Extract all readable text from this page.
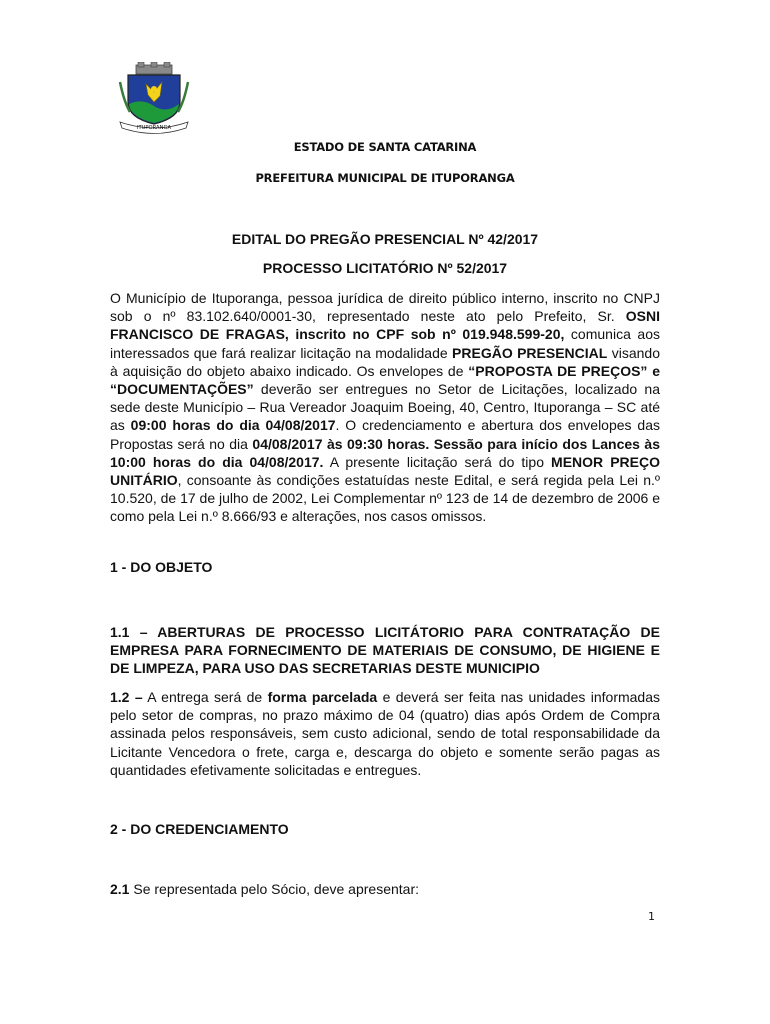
ITUPORANGA
ESTADO DE SANTA CATARINA
PREFEITURA MUNICIPAL DE ITUPORANGA
EDITAL DO PREGÃO PRESENCIAL Nº 42/2017
PROCESSO LICITATÓRIO Nº 52/2017

O Município de Ituporanga, pessoa jurídica de direito público interno, inscrito no CNPJ sob o nº 83.102.640/0001-30, representado neste ato pelo Prefeito, Sr. OSNI FRANCISCO DE FRAGAS, inscrito no CPF sob nº 019.948.599-20, comunica aos interessados que fará realizar licitação na modalidade PREGÃO PRESENCIAL visando à aquisição do objeto abaixo indicado. Os envelopes de “PROPOSTA DE PREÇOS” e “DOCUMENTAÇÕES” deverão ser entregues no Setor de Licitações, localizado na sede deste Município – Rua Vereador Joaquim Boeing, 40, Centro, Ituporanga – SC até as 09:00 horas do dia 04/08/2017. O credenciamento e abertura dos envelopes das Propostas será no dia 04/08/2017 às 09:30 horas. Sessão para início dos Lances às 10:00 horas do dia 04/08/2017. A presente licitação será do tipo MENOR PREÇO UNITÁRIO, consoante às condições estatuídas neste Edital, e será regida pela Lei n.º 10.520, de 17 de julho de 2002, Lei Complementar nº 123 de 14 de dezembro de 2006 e como pela Lei n.º 8.666/93 e alterações, nos casos omissos.

1 - DO OBJETO

1.1 – ABERTURAS DE PROCESSO LICITÁTORIO PARA CONTRATAÇÃO DE EMPRESA PARA FORNECIMENTO DE MATERIAIS DE CONSUMO, DE HIGIENE E DE LIMPEZA, PARA USO DAS SECRETARIAS DESTE MUNICIPIO

1.2 – A entrega será de forma parcelada e deverá ser feita nas unidades informadas pelo setor de compras, no prazo máximo de 04 (quatro) dias após Ordem de Compra assinada pelos responsáveis, sem custo adicional, sendo de total responsabilidade da Licitante Vencedora o frete, carga e, descarga do objeto e somente serão pagas as quantidades efetivamente solicitadas e entregues.

2 - DO CREDENCIAMENTO

2.1 Se representada pelo Sócio, deve apresentar:

1
